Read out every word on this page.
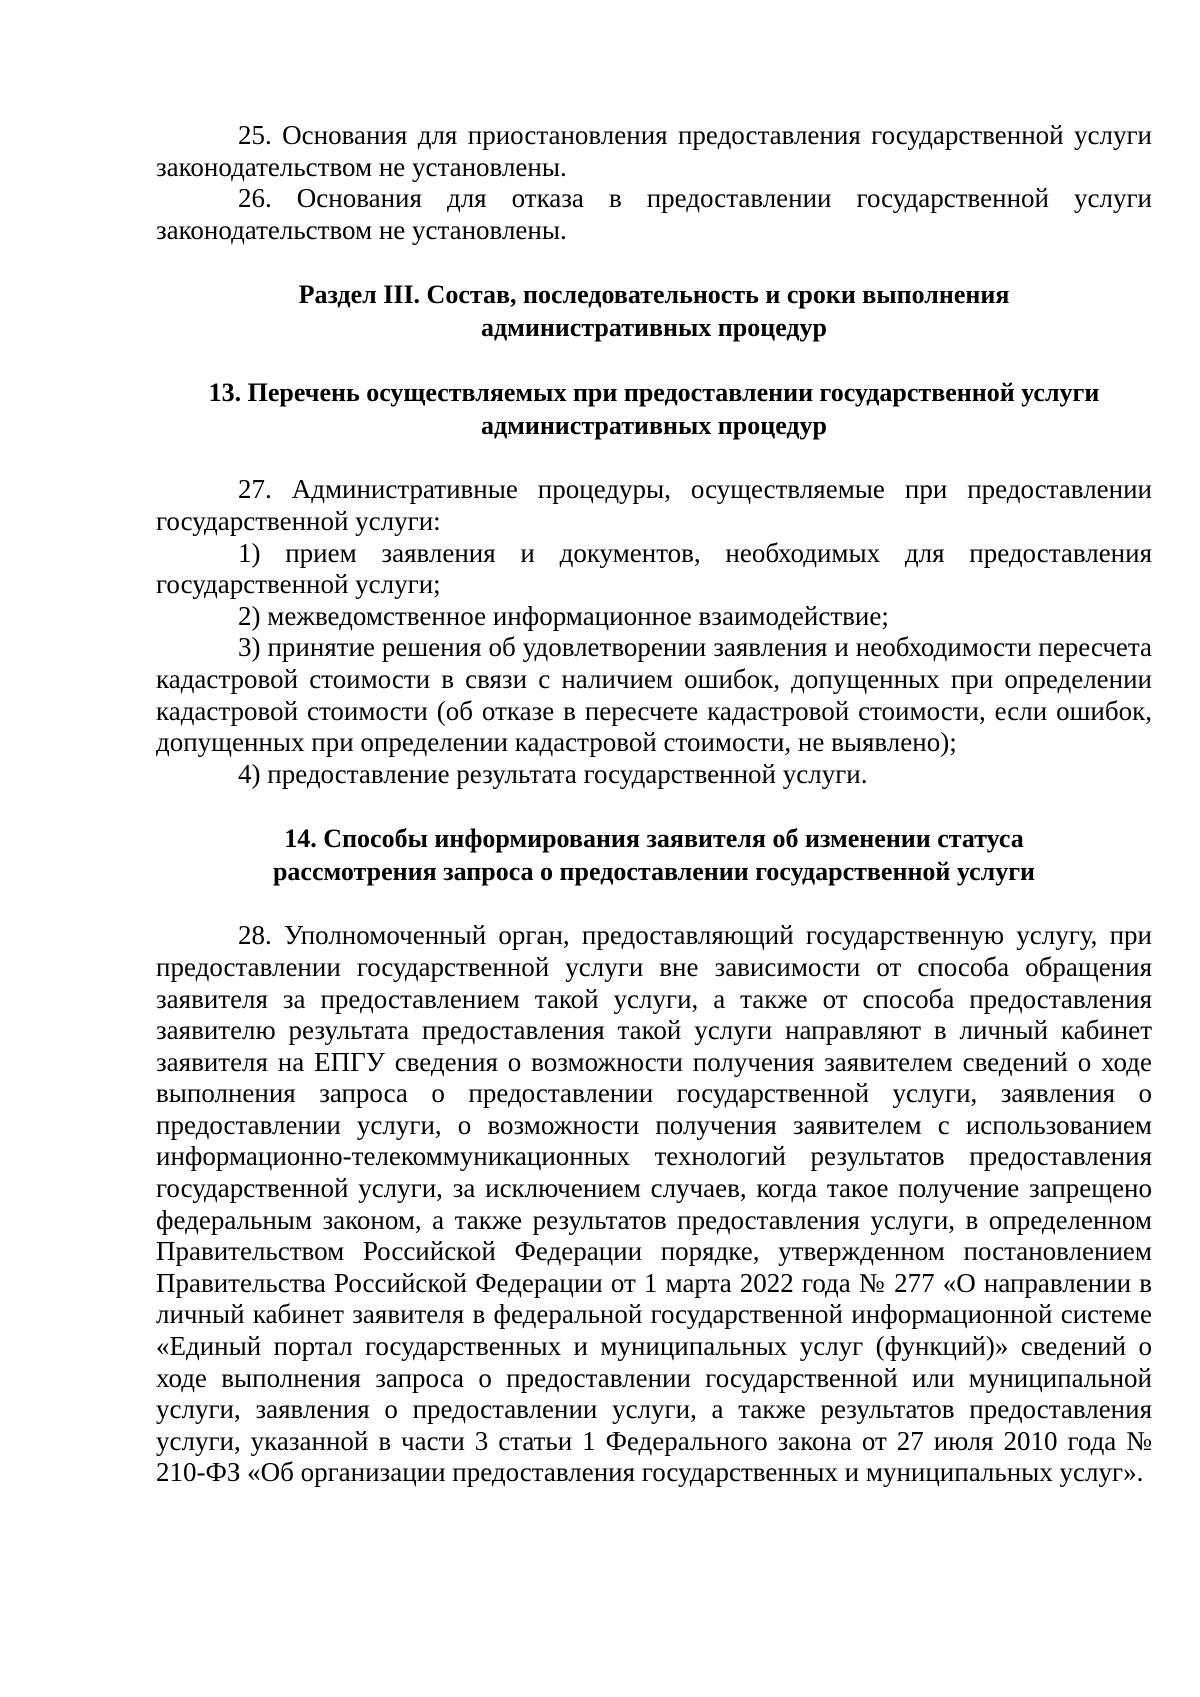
25. Основания для приостановления предоставления государственной услуги законодательством не установлены.

26. Основания для отказа в предоставлении государственной услуги законодательством не установлены.

Раздел III. Состав, последовательность и сроки выполнения

административных процедур

13. Перечень осуществляемых при предоставлении государственной услуги

административных процедур

27. Административные процедуры, осуществляемые при предоставлении государственной услуги:

1) прием заявления и документов, необходимых для предоставления государственной услуги;

2) межведомственное информационное взаимодействие;

3) принятие решения об удовлетворении заявления и необходимости пересчета кадастровой стоимости в связи с наличием ошибок, допущенных при определении кадастровой стоимости (об отказе в пересчете кадастровой стоимости, если ошибок, допущенных при определении кадастровой стоимости, не выявлено);

4) предоставление результата государственной услуги.

14. Способы информирования заявителя об изменении статуса

рассмотрения запроса о предоставлении государственной услуги

28. Уполномоченный орган, предоставляющий государственную услугу, при предоставлении государственной услуги вне зависимости от способа обращения заявителя за предоставлением такой услуги, а также от способа предоставления заявителю результата предоставления такой услуги направляют в личный кабинет заявителя на ЕПГУ сведения о возможности получения заявителем сведений о ходе выполнения запроса о предоставлении государственной услуги, заявления о предоставлении услуги, о возможности получения заявителем с использованием информационно-телекоммуникационных технологий результатов предоставления государственной услуги, за исключением случаев, когда такое получение запрещено федеральным законом, а также результатов предоставления услуги, в определенном Правительством Российской Федерации порядке, утвержденном постановлением Правительства Российской Федерации от 1 марта 2022 года № 277 «О направлении в личный кабинет заявителя в федеральной государственной информационной системе «Единый портал государственных и муниципальных услуг (функций)» сведений о ходе выполнения запроса о предоставлении государственной или муниципальной услуги, заявления о предоставлении услуги, а также результатов предоставления услуги, указанной в части 3 статьи 1 Федерального закона от 27 июля 2010 года № 210-ФЗ «Об организации предоставления государственных и муниципальных услуг».
